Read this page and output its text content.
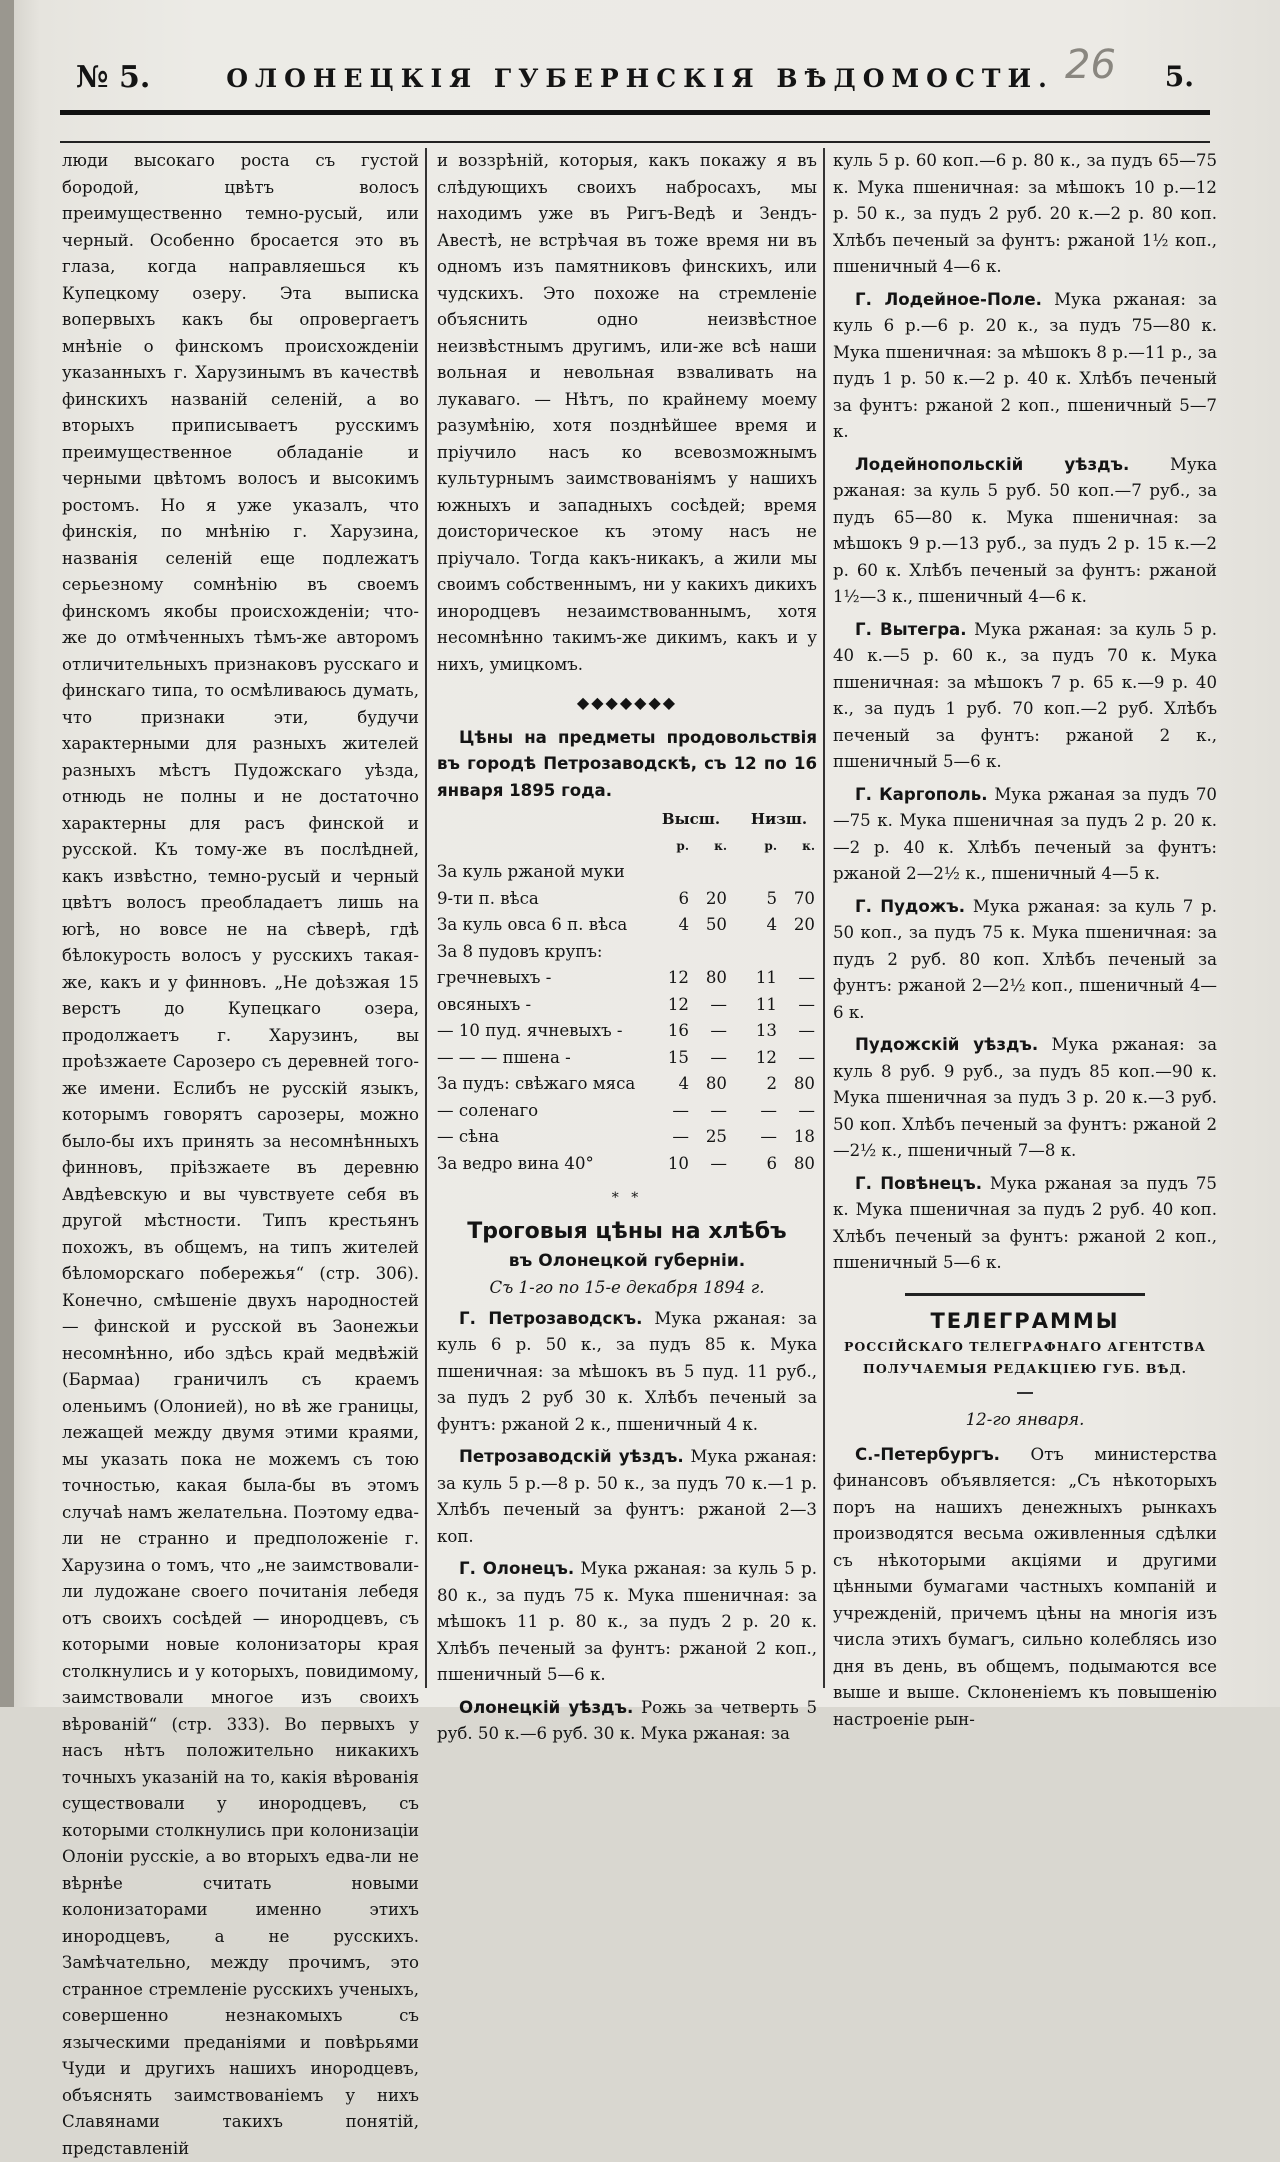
№ 5.	ОЛОНЕЦКІЯ ГУБЕРНСКІЯ ВѢДОМОСТИ. 26 5.

люди высокаго роста съ густой бородой, цвѣтъ волосъ преимущественно темно-русый, или черный. Особенно бросается это въ глаза, когда направляешься къ Купецкому озеру. Эта выписка вопервыхъ какъ бы опровергаетъ мнѣніе о финскомъ происхожденіи указанныхъ г. Харузинымъ въ качествѣ финскихъ названій селеній, а во вторыхъ приписываетъ русскимъ преимущественное обладаніе и черными цвѣтомъ волосъ и высокимъ ростомъ. Но я уже указалъ, что финскія, по мнѣнію г. Харузина, названія селеній еще подлежатъ серьезному сомнѣнію въ своемъ финскомъ якобы происхожденіи; что-же до отмѣченныхъ тѣмъ-же авторомъ отличительныхъ признаковъ русскаго и финскаго типа, то осмѣливаюсь думать, что признаки эти, будучи характерными для разныхъ жителей разныхъ мѣстъ Пудожскаго уѣзда, отнюдь не полны и не достаточно характерны для расъ финской и русской. Къ тому-же въ послѣдней, какъ извѣстно, темно-русый и черный цвѣтъ волосъ преобладаетъ лишь на югѣ, но вовсе не на сѣверѣ, гдѣ бѣлокурость волосъ у русскихъ такая-же, какъ и у финновъ. „Не доѣзжая 15 верстъ до Купецкаго озера, продолжаетъ г. Харузинъ, вы проѣзжаете Сарозеро съ деревней того-же имени. Еслибъ не русскій языкъ, которымъ говорятъ сарозеры, можно было-бы ихъ принять за несомнѣнныхъ финновъ, пріѣзжаете въ деревню Авдѣевскую и вы чувствуете себя въ другой мѣстности. Типъ крестьянъ похожъ, въ общемъ, на типъ жителей бѣломорскаго побережья“ (стр. 306). Конечно, смѣшеніе двухъ народностей — финской и русской въ Заонежьи несомнѣнно, ибо здѣсь край медвѣжій (Бармаа) граничилъ съ краемъ оленьимъ (Олонией), но вѣ же границы, лежащей между двумя этими краями, мы указать пока не можемъ съ тою точностью, какая была-бы въ этомъ случаѣ намъ желательна. Поэтому едва-ли не странно и предположеніе г. Харузина о томъ, что „не заимствовали-ли лудожане своего почитанія лебедя отъ своихъ сосѣдей — инородцевъ, съ которыми новые колонизаторы края столкнулись и у которыхъ, повидимому, заимствовали многое изъ своихъ вѣрованій“ (стр. 333). Во первыхъ у насъ нѣтъ положительно никакихъ точныхъ указаній на то, какія вѣрованія существовали у инородцевъ, съ которыми столкнулись при колонизаціи Олоніи русскіе, а во вторыхъ едва-ли не вѣрнѣе считать новыми колонизаторами именно этихъ инородцевъ, а не русскихъ. Замѣчательно, между прочимъ, это странное стремленіе русскихъ ученыхъ, совершенно незнакомыхъ съ языческими преданіями и повѣрьями Чуди и другихъ нашихъ инородцевъ, объяснять заимствованіемъ у нихъ Славянами такихъ понятій, представленій

и воззрѣній, которыя, какъ покажу я въ слѣдующихъ своихъ набросахъ, мы находимъ уже въ Ригъ-Ведѣ и Зендъ-Авестѣ, не встрѣчая въ тоже время ни въ одномъ изъ памятниковъ финскихъ, или чудскихъ. Это похоже на стремленіе объяснить одно неизвѣстное неизвѣстнымъ другимъ, или-же всѣ наши вольная и невольная взваливать на лукаваго. — Нѣтъ, по крайнему моему разумѣнію, хотя позднѣйшее время и пріучило насъ ко всевозможнымъ культурнымъ заимствованіямъ у нашихъ южныхъ и западныхъ сосѣдей; время доисторическое къ этому насъ не пріучало. Тогда какъ-никакъ, а жили мы своимъ собственнымъ, ни у какихъ дикихъ инородцевъ незаимствованнымъ, хотя несомнѣнно такимъ-же дикимъ, какъ и у нихъ, умицкомъ.

◆◆◆◆◆◆◆

Цѣны на предметы продовольствія въ городѣ Петрозаводскѣ, съ 12 по 16 января 1895 года.

	Высш.			Низш.	
	р.	к.		р.	к.
За куль ржаной муки					
9-ти п. вѣса	6	20		5	70
За куль овса 6 п. вѣса	4	50		4	20
За 8 пудовъ крупъ:					
гречневыхъ -	12	80		11	—
овсяныхъ -	12	—		11	—
— 10 пуд. ячневыхъ -	16	—		13	—
— — — пшена -	15	—		12	—
За пудъ: свѣжаго мяса	4	80		2	80
— соленаго	—	—		—	—
— сѣна	—	25		—	18
За ведро вина 40°	10	—		6	80
* *
Троговыя цѣны на хлѣбъ
въ Олонецкой губерніи.
Съ 1-го по 15-е декабря 1894 г.

Г. Петрозаводскъ. Мука ржаная: за куль 6 р. 50 к., за пудъ 85 к. Мука пшеничная: за мѣшокъ въ 5 пуд. 11 руб., за пудъ 2 руб 30 к. Хлѣбъ печеный за фунтъ: ржаной 2 к., пшеничный 4 к.

Петрозаводскій уѣздъ. Мука ржаная: за куль 5 р.—8 р. 50 к., за пудъ 70 к.—1 р. Хлѣбъ печеный за фунтъ: ржаной 2—3 коп.

Г. Олонецъ. Мука ржаная: за куль 5 р. 80 к., за пудъ 75 к. Мука пшеничная: за мѣшокъ 11 р. 80 к., за пудъ 2 р. 20 к. Хлѣбъ печеный за фунтъ: ржаной 2 коп., пшеничный 5—6 к.

Олонецкій уѣздъ. Рожь за четверть 5 руб. 50 к.—6 руб. 30 к. Мука ржаная: за

куль 5 р. 60 коп.—6 р. 80 к., за пудъ 65—75 к. Мука пшеничная: за мѣшокъ 10 р.—12 р. 50 к., за пудъ 2 руб. 20 к.—2 р. 80 коп. Хлѣбъ печеный за фунтъ: ржаной 1½ коп., пшеничный 4—6 к.

Г. Лодейное-Поле. Мука ржаная: за куль 6 р.—6 р. 20 к., за пудъ 75—80 к. Мука пшеничная: за мѣшокъ 8 р.—11 р., за пудъ 1 р. 50 к.—2 р. 40 к. Хлѣбъ печеный за фунтъ: ржаной 2 коп., пшеничный 5—7 к.

Лодейнопольскій уѣздъ. Мука ржаная: за куль 5 руб. 50 коп.—7 руб., за пудъ 65—80 к. Мука пшеничная: за мѣшокъ 9 р.—13 руб., за пудъ 2 р. 15 к.—2 р. 60 к. Хлѣбъ печеный за фунтъ: ржаной 1½—3 к., пшеничный 4—6 к.

Г. Вытегра. Мука ржаная: за куль 5 р. 40 к.—5 р. 60 к., за пудъ 70 к. Мука пшеничная: за мѣшокъ 7 р. 65 к.—9 р. 40 к., за пудъ 1 руб. 70 коп.—2 руб. Хлѣбъ печеный за фунтъ: ржаной 2 к., пшеничный 5—6 к.

Г. Каргополь. Мука ржаная за пудъ 70—75 к. Мука пшеничная за пудъ 2 р. 20 к.—2 р. 40 к. Хлѣбъ печеный за фунтъ: ржаной 2—2½ к., пшеничный 4—5 к.

Г. Пудожъ. Мука ржаная: за куль 7 р. 50 коп., за пудъ 75 к. Мука пшеничная: за пудъ 2 руб. 80 коп. Хлѣбъ печеный за фунтъ: ржаной 2—2½ коп., пшеничный 4—6 к.

Пудожскій уѣздъ. Мука ржаная: за куль 8 руб. 9 руб., за пудъ 85 коп.—90 к. Мука пшеничная за пудъ 3 р. 20 к.—3 руб. 50 коп. Хлѣбъ печеный за фунтъ: ржаной 2—2½ к., пшеничный 7—8 к.

Г. Повѣнецъ. Мука ржаная за пудъ 75 к. Мука пшеничная за пудъ 2 руб. 40 коп. Хлѣбъ печеный за фунтъ: ржаной 2 коп., пшеничный 5—6 к.

ТЕЛЕГРАММЫ
РОССІЙСКАГО ТЕЛЕГРАФНАГО АГЕНТСТВА
ПОЛУЧАЕМЫЯ РЕДАКЦІЕЮ ГУБ. ВѢД.
12-го января.

С.-Петербургъ. Отъ министерства финансовъ объявляется: „Съ нѣкоторыхъ поръ на нашихъ денежныхъ рынкахъ производятся весьма оживленныя сдѣлки съ нѣкоторыми акціями и другими цѣнными бумагами частныхъ компаній и учрежденій, причемъ цѣны на многія изъ числа этихъ бумагъ, сильно колеблясь изо дня въ день, въ общемъ, подымаются все выше и выше. Склоненіемъ къ повышенію настроеніе рын-
